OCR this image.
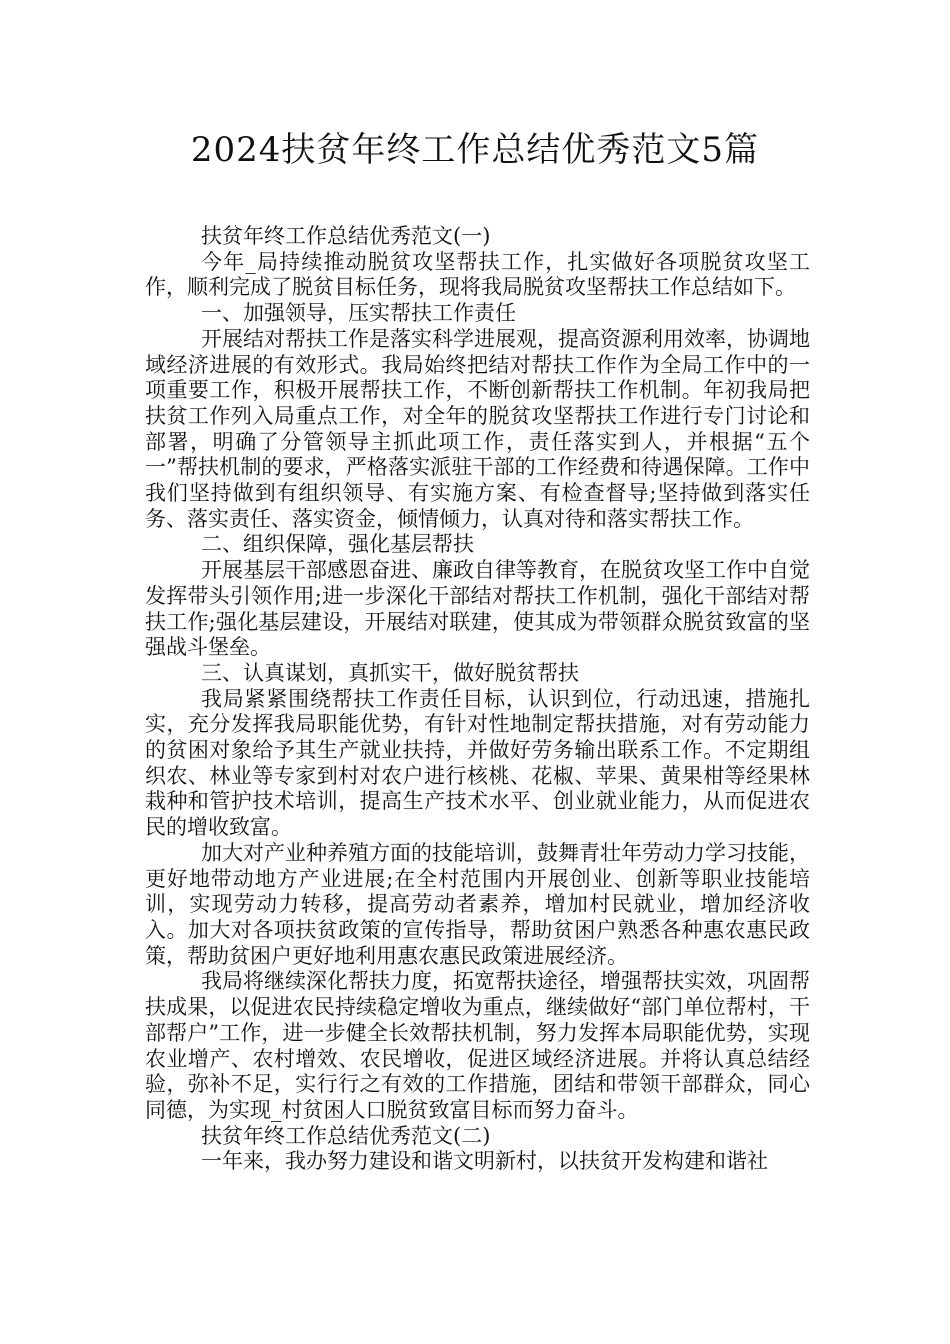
2024扶贫年终工作总结优秀范文5篇

扶贫年终工作总结优秀范文(一)

今年_局持续推动脱贫攻坚帮扶工作，扎实做好各项脱贫攻坚工作，顺利完成了脱贫目标任务，现将我局脱贫攻坚帮扶工作总结如下。

一、加强领导，压实帮扶工作责任

开展结对帮扶工作是落实科学进展观，提高资源利用效率，协调地域经济进展的有效形式。我局始终把结对帮扶工作作为全局工作中的一项重要工作，积极开展帮扶工作，不断创新帮扶工作机制。年初我局把扶贫工作列入局重点工作，对全年的脱贫攻坚帮扶工作进行专门讨论和部署，明确了分管领导主抓此项工作，责任落实到人，并根据“五个一”帮扶机制的要求，严格落实派驻干部的工作经费和待遇保障。工作中我们坚持做到有组织领导、有实施方案、有检查督导;坚持做到落实任务、落实责任、落实资金，倾情倾力，认真对待和落实帮扶工作。

二、组织保障，强化基层帮扶

开展基层干部感恩奋进、廉政自律等教育，在脱贫攻坚工作中自觉发挥带头引领作用;进一步深化干部结对帮扶工作机制，强化干部结对帮扶工作;强化基层建设，开展结对联建，使其成为带领群众脱贫致富的坚强战斗堡垒。

三、认真谋划，真抓实干，做好脱贫帮扶

我局紧紧围绕帮扶工作责任目标，认识到位，行动迅速，措施扎实，充分发挥我局职能优势，有针对性地制定帮扶措施，对有劳动能力的贫困对象给予其生产就业扶持，并做好劳务输出联系工作。不定期组织农、林业等专家到村对农户进行核桃、花椒、苹果、黄果柑等经果林栽种和管护技术培训，提高生产技术水平、创业就业能力，从而促进农民的增收致富。

加大对产业种养殖方面的技能培训，鼓舞青壮年劳动力学习技能，更好地带动地方产业进展;在全村范围内开展创业、创新等职业技能培训，实现劳动力转移，提高劳动者素养，增加村民就业，增加经济收入。加大对各项扶贫政策的宣传指导，帮助贫困户熟悉各种惠农惠民政策，帮助贫困户更好地利用惠农惠民政策进展经济。

我局将继续深化帮扶力度，拓宽帮扶途径，增强帮扶实效，巩固帮扶成果，以促进农民持续稳定增收为重点，继续做好“部门单位帮村，干部帮户”工作，进一步健全长效帮扶机制，努力发挥本局职能优势，实现农业增产、农村增效、农民增收，促进区域经济进展。并将认真总结经验，弥补不足，实行行之有效的工作措施，团结和带领干部群众，同心同德，为实现_村贫困人口脱贫致富目标而努力奋斗。

扶贫年终工作总结优秀范文(二)

一年来，我办努力建设和谐文明新村，以扶贫开发构建和谐社
